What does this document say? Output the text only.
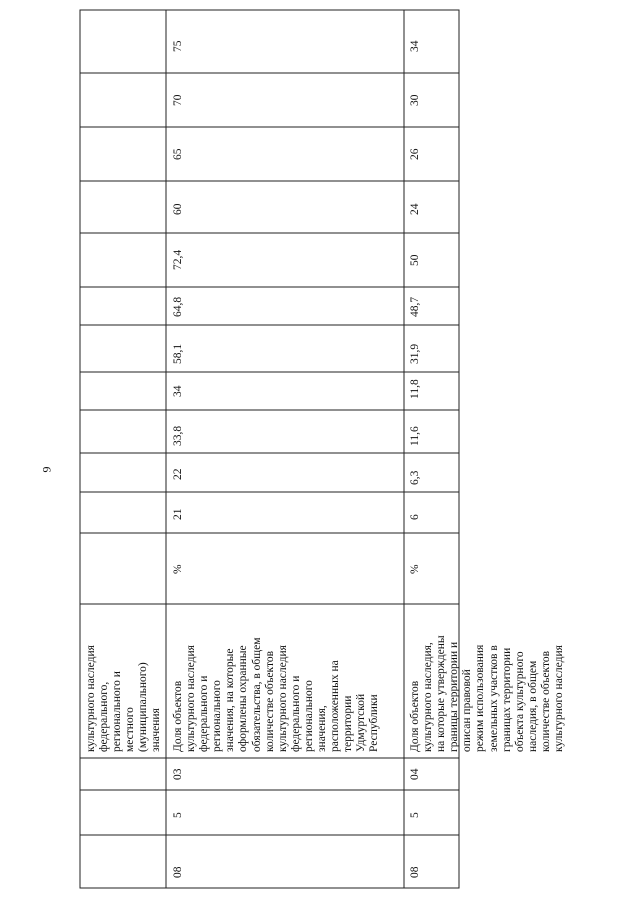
9
культурного наследия
федерального,
регионального и
местного
(муниципального)
значения
08
5
03
Доля объектов
культурного наследия
федерального и
регионального
значения, на которые
оформлены охранные
обязательства, в общем
количестве объектов
культурного наследия
федерального и
регионального
значения,
расположенных на
территории
Удмуртской
Республики
%
21
22
33,8
34
58,1
64,8
72,4
60
65
70
75
08
5
04
Доля объектов
культурного наследия,
на которые утверждены
границы территории и
описан правовой
режим использования
земельных участков в
границах территории
объекта культурного
наследия, в общем
количестве объектов
культурного наследия
%
6
6,3
11,6
11,8
31,9
48,7
50
24
26
30
34
